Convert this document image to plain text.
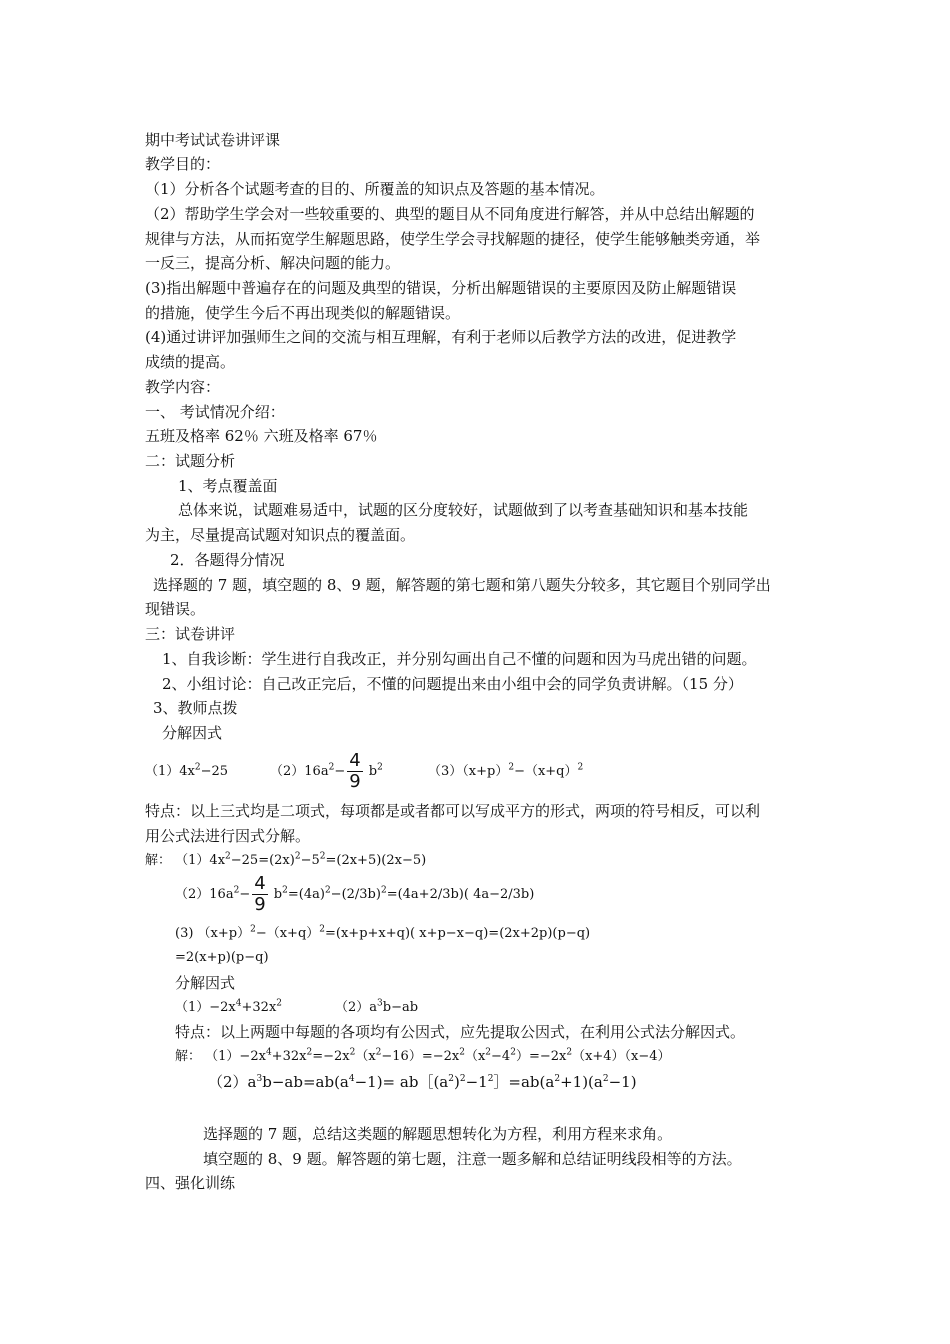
期中考试试卷讲评课
教学目的：
（1）分析各个试题考查的目的、所覆盖的知识点及答题的基本情况。
（2）帮助学生学会对一些较重要的、典型的题目从不同角度进行解答，并从中总结出解题的
规律与方法，从而拓宽学生解题思路，使学生学会寻找解题的捷径，使学生能够触类旁通，举
一反三，提高分析、解决问题的能力。
(3)指出解题中普遍存在的问题及典型的错误，分析出解题错误的主要原因及防止解题错误
的措施，使学生今后不再出现类似的解题错误。
(4)通过讲评加强师生之间的交流与相互理解，有利于老师以后教学方法的改进，促进教学
成绩的提高。
教学内容：
一、 考试情况介绍：
五班及格率 62％ 六班及格率 67％
二：试题分析
1、考点覆盖面
总体来说，试题难易适中，试题的区分度较好，试题做到了以考查基础知识和基本技能
为主，尽量提高试题对知识点的覆盖面。
2．各题得分情况
选择题的 7 题，填空题的 8、9 题，解答题的第七题和第八题失分较多，其它题目个别同学出
现错误。
三：试卷讲评
1、自我诊断：学生进行自我改正，并分别勾画出自己不懂的问题和因为马虎出错的问题。
2、小组讨论：自己改正完后，不懂的问题提出来由小组中会的同学负责讲解。（15 分）
3、教师点拨
分解因式
$(1)4x^2-25$	$(2)16a^2- \frac{4}{9} b^2$	$(3)(x+p)^2-(x+q)^2$
特点：以上三式均是二项式，每项都是或者都可以写成平方的形式，两项的符号相反，可以利
用公式法进行因式分解。
解： $(1)4x^2-25=(2x)^2-5^2=(2x+5)(2x-5)$
$(2)16a^2- \frac{4}{9} b^2=(4a)^2-(2/3b)^2=(4a+2/3b)$( 4a−2/3b)
(3) $(x+p)^2-(x+q)^2=(x+p+x+q)$( x+p−x−q)=(2x+2p)(p−q)
=2(x+p)(p−q)
分解因式
$(1)-2x^4+32x^2$	$(2)a^3b-ab$
特点：以上两题中每题的各项均有公因式，应先提取公因式，在利用公式法分解因式。
解： $(1)-2x^4+32x^2=-2x^2(x^2-16)=-2x^2(x^2-4^2)=-2x^2(x+4)(x-4)$
$(2)a^3b-ab=ab(a^4-1)=$ $ab[(a^2)^2-1^2]=ab(a^2+1)(a^2-1)$
选择题的 7 题，总结这类题的解题思想转化为方程，利用方程来求角。
填空题的 8、9 题。解答题的第七题，注意一题多解和总结证明线段相等的方法。
四、强化训练
